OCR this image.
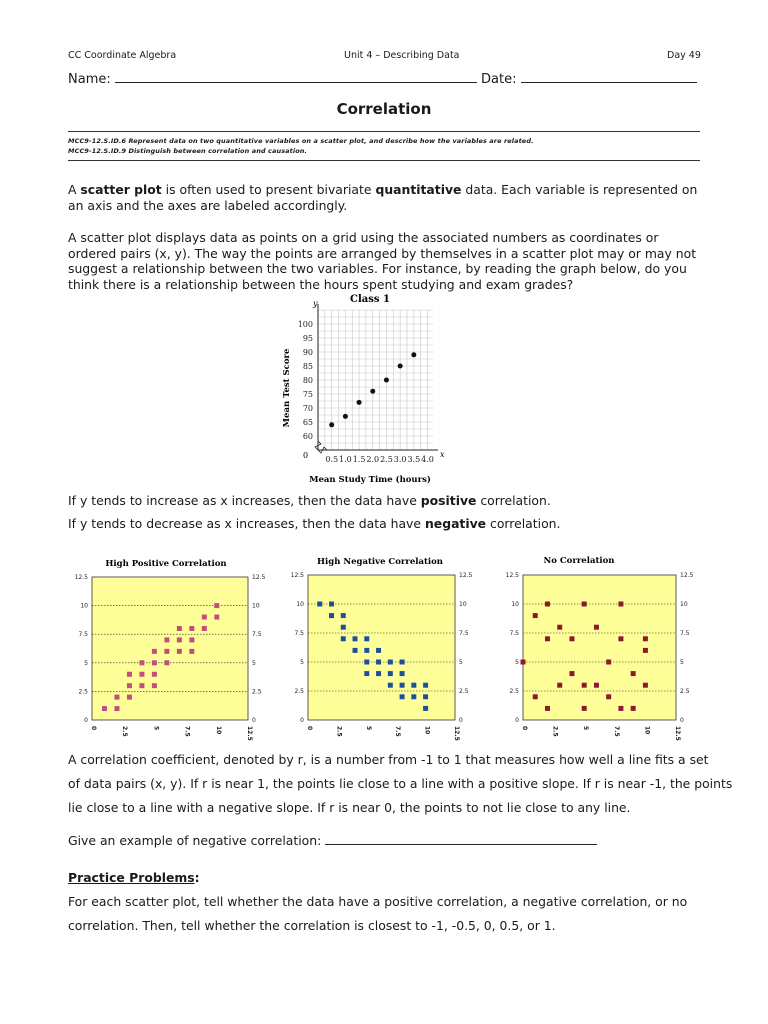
CC Coordinate Algebra	Unit 4 – Describing Data	Day 49
Name:	Date:
Correlation
MCC9-12.S.ID.6 Represent data on two quantitative variables on a scatter plot, and describe how the variables are related.
MCC9-12.S.ID.9 Distinguish between correlation and causation.
A scatter plot is often used to present bivariate quantitative data. Each variable is represented on an axis and the axes are labeled accordingly.
A scatter plot displays data as points on a grid using the associated numbers as coordinates or ordered pairs (x, y). The way the points are arranged by themselves in a scatter plot may or may not suggest a relationship between the two variables. For instance, by reading the graph below, do you think there is a relationship between the hours spent studying and exam grades?
Class 1
y
60
65
70
75
80
85
90
95
100
0.5 1.0 1.5 2.0 2.5 3.0 3.5 4.0
0	x
Mean Study Time (hours)
Mean Test Score
If y tends to increase as x increases, then the data have positive correlation.
If y tends to decrease as x increases, then the data have negative correlation.
High Positive Correlation
0	0
0
2.5	2.5
2.5
5	5
5
7.5	7.5
7.5
10	10
10
12.5	12.5
12.5
High Negative Correlation
0	0
0
2.5	2.5
2.5
5	5
5
7.5	7.5
7.5
10	10
10
12.5	12.5
12.5
No Correlation
0	0
0
2.5	2.5
2.5
5	5
5
7.5	7.5
7.5
10	10
10
12.5	12.5
12.5
A correlation coefficient, denoted by r, is a number from -1 to 1 that measures how well a line fits a set
of data pairs (x, y). If r is near 1, the points lie close to a line with a positive slope. If r is near -1, the points
lie close to a line with a negative slope. If r is near 0, the points to not lie close to any line.
Give an example of negative correlation:
Practice Problems:
For each scatter plot, tell whether the data have a positive correlation, a negative correlation, or no
correlation. Then, tell whether the correlation is closest to -1, -0.5, 0, 0.5, or 1.
